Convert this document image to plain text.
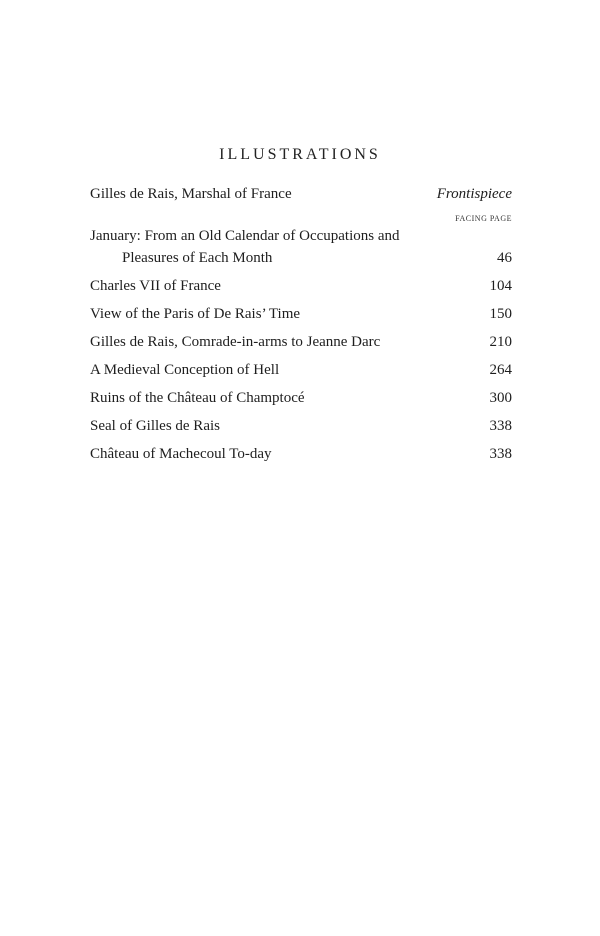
ILLUSTRATIONS
Gilles de Rais, Marshal of France	Frontispiece
FACING PAGE
January: From an Old Calendar of Occupations and
Pleasures of Each Month	46
Charles VII of France	104
View of the Paris of De Rais’ Time	150
Gilles de Rais, Comrade-in-arms to Jeanne Darc	210
A Medieval Conception of Hell	264
Ruins of the Château of Champtocé	300
Seal of Gilles de Rais	338
Château of Machecoul To-day	338
